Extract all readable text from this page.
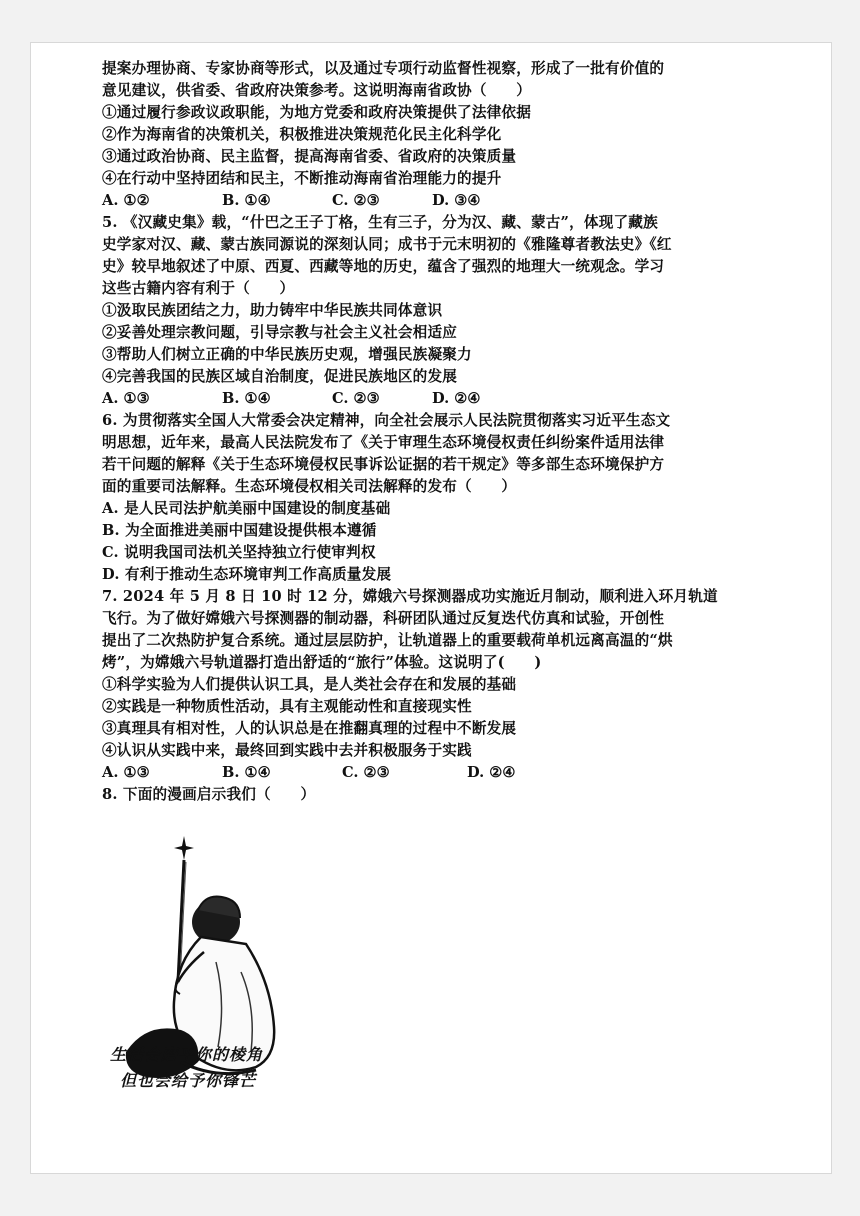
提案办理协商、专家协商等形式，以及通过专项行动监督性视察，形成了一批有价值的
意见建议，供省委、省政府决策参考。这说明海南省政协（　　）
①通过履行参政议政职能，为地方党委和政府决策提供了法律依据
②作为海南省的决策机关，积极推进决策规范化民主化科学化
③通过政治协商、民主监督，提高海南省委、省政府的决策质量
④在行动中坚持团结和民主，不断推动海南省治理能力的提升
A. ①②	B. ①④	C. ②③	D. ③④
5. 《汉藏史集》载，“什巴之王子丁格，生有三子，分为汉、藏、蒙古”，体现了藏族
史学家对汉、藏、蒙古族同源说的深刻认同；成书于元末明初的《雅隆尊者教法史》《红
史》较早地叙述了中原、西夏、西藏等地的历史，蕴含了强烈的地理大一统观念。学习
这些古籍内容有利于（　　）
①汲取民族团结之力，助力铸牢中华民族共同体意识
②妥善处理宗教问题，引导宗教与社会主义社会相适应
③帮助人们树立正确的中华民族历史观，增强民族凝聚力
④完善我国的民族区域自治制度，促进民族地区的发展
A. ①③	B. ①④	C. ②③	D. ②④
6. 为贯彻落实全国人大常委会决定精神，向全社会展示人民法院贯彻落实习近平生态文
明思想，近年来，最高人民法院发布了《关于审理生态环境侵权责任纠纷案件适用法律
若干问题的解释《关于生态环境侵权民事诉讼证据的若干规定》等多部生态环境保护方
面的重要司法解释。生态环境侵权相关司法解释的发布（　　）
A. 是人民司法护航美丽中国建设的制度基础
B. 为全面推进美丽中国建设提供根本遵循
C. 说明我国司法机关坚持独立行使审判权
D. 有利于推动生态环境审判工作高质量发展
7. 2024 年 5 月 8 日 10 时 12 分，嫦娥六号探测器成功实施近月制动，顺利进入环月轨道
飞行。为了做好嫦娥六号探测器的制动器，科研团队通过反复迭代仿真和试验，开创性
提出了二次热防护复合系统。通过层层防护，让轨道器上的重要载荷单机远离高温的“烘
烤”，为嫦娥六号轨道器打造出舒适的“旅行”体验。这说明了(　　)
①科学实验为人们提供认识工具，是人类社会存在和发展的基础
②实践是一种物质性活动，具有主观能动性和直接现实性
③真理具有相对性，人的认识总是在推翻真理的过程中不断发展
④认识从实践中来，最终回到实践中去并积极服务于实践
A. ①③	B. ①④	C. ②③	D. ②④
8. 下面的漫画启示我们（　　）
生活会磨平你的棱角
但也会给予你锋芒
